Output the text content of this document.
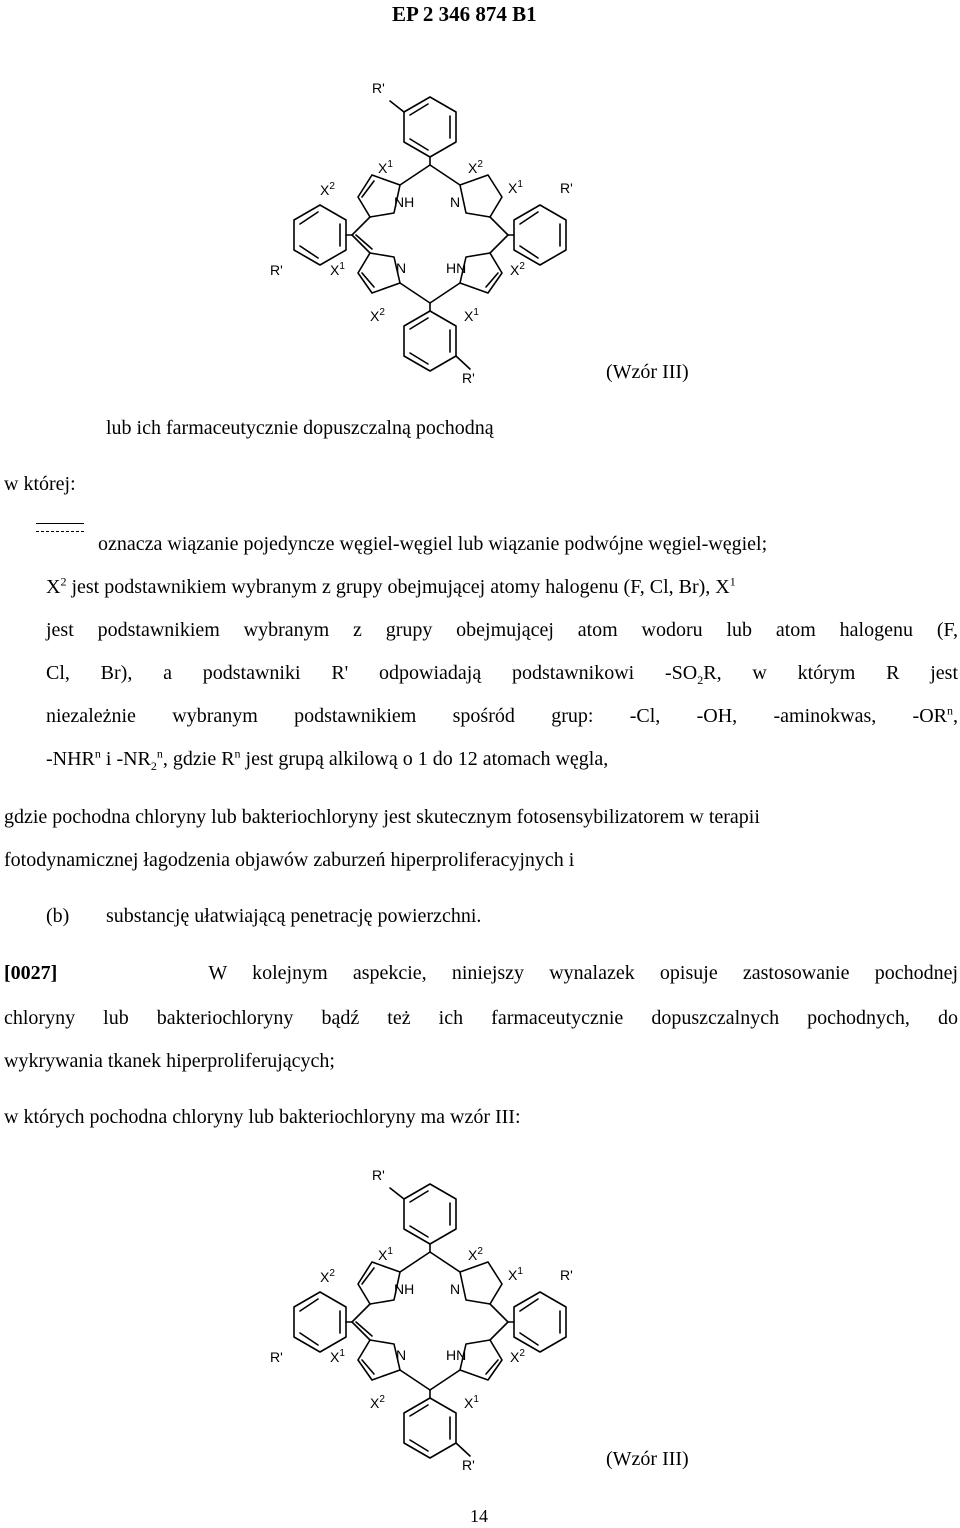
EP 2 346 874 B1
R'
$X^1$	$X^2$
$X^2$	$X^1$	R'
NH	N
N	HN
R'	$X^1$	$X^2$
$X^2$	$X^1$
R'	(Wzór III)
lub ich farmaceutycznie dopuszczalną pochodną
w której:
oznacza wiązanie pojedyncze węgiel-węgiel lub wiązanie podwójne węgiel-węgiel;
$X^2$ jest podstawnikiem wybranym z grupy obejmującej atomy halogenu (F, Cl, Br), $X^1$
jest podstawnikiem wybranym z grupy obejmującej atom wodoru lub atom halogenu (F,
Cl, Br), a podstawniki R' odpowiadają podstawnikowi $-SO_2R$, w którym R jest
niezależnie wybranym podstawnikiem spośród grup: -Cl, -OH, -aminokwas, $-OR^n$,
-NHR$^n$ i $-NR_2^n$, gdzie $R^n$ jest grupą alkilową o 1 do 12 atomach węgla,
gdzie pochodna chloryny lub bakteriochloryny jest skutecznym fotosensybilizatorem w terapii
fotodynamicznej łagodzenia objawów zaburzeń hiperproliferacyjnych i
(b) substancję ułatwiającą penetrację powierzchni.
[0027]	W kolejnym aspekcie, niniejszy wynalazek opisuje zastosowanie pochodnej
chloryny lub bakteriochloryny bądź też ich farmaceutycznie dopuszczalnych pochodnych, do
wykrywania tkanek hiperproliferujących;
w których pochodna chloryny lub bakteriochloryny ma wzór III:
R'
$X^1$	$X^2$
$X^2$	$X^1$	R'
NH	N
N	HN
R'	$X^1$	$X^2$
$X^2$	$X^1$
R'	(Wzór III)
14
